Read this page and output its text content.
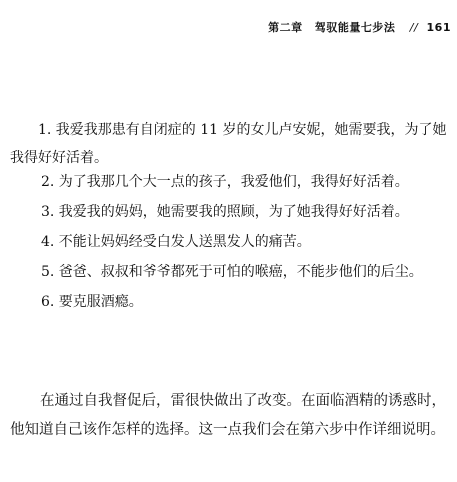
第二章 驾驭能量七步法 // 161

1. 我爱我那患有自闭症的 11 岁的女儿卢安妮，她需要我，为了她我得好好活着。

2. 为了我那几个大一点的孩子，我爱他们，我得好好活着。

3. 我爱我的妈妈，她需要我的照顾，为了她我得好好活着。

4. 不能让妈妈经受白发人送黑发人的痛苦。

5. 爸爸、叔叔和爷爷都死于可怕的喉癌，不能步他们的后尘。

6. 要克服酒瘾。

在通过自我督促后，雷很快做出了改变。在面临酒精的诱惑时，他知道自己该作怎样的选择。这一点我们会在第六步中作详细说明。
